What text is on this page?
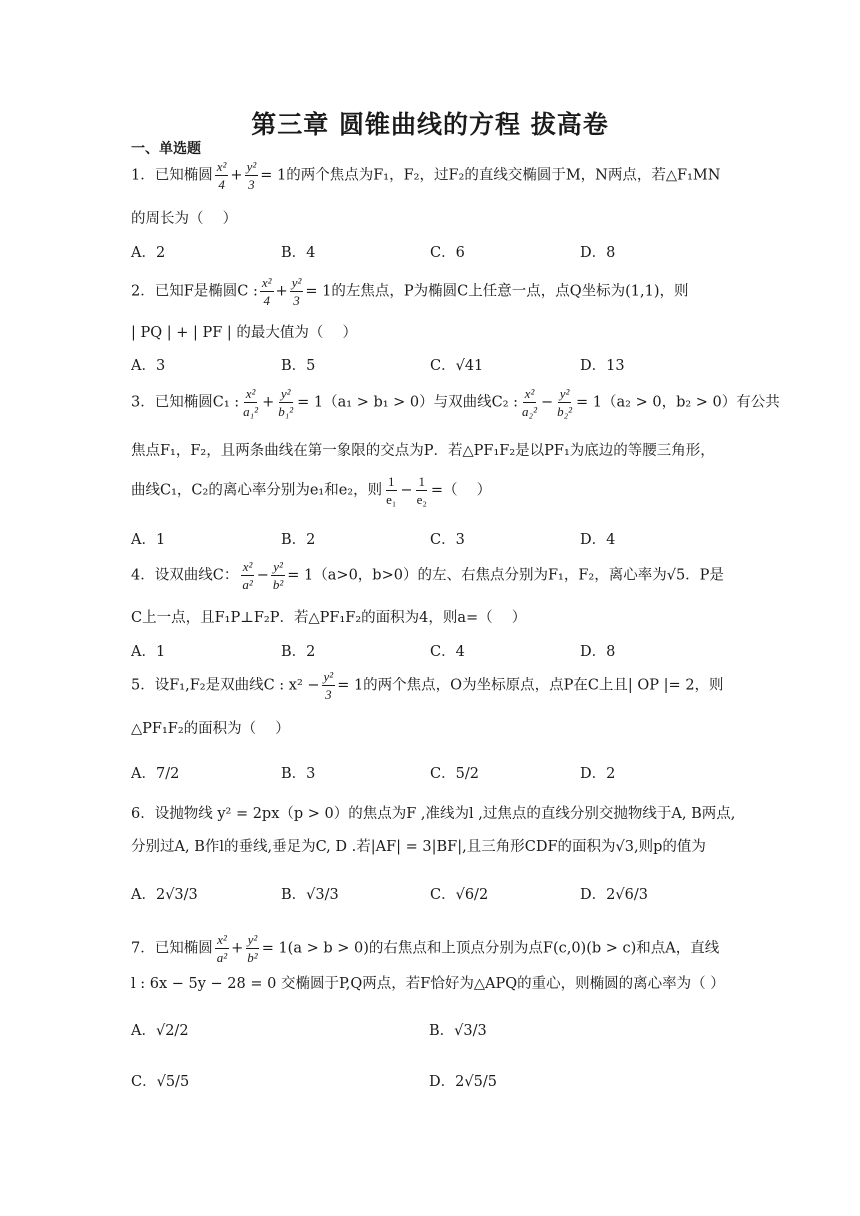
第三章 圆锥曲线的方程 拔高卷
一、单选题
1．已知椭圆 $\frac{\text{x²}}{4} + \frac{\text{y²}}{3} = 1$的两个焦点为F₁，F₂，过F₂的直线交椭圆于M，N两点，若△F₁MN
的周长为（　 ）
A．2	B．4	C．6	D．8
2．已知F是椭圆C : $\frac{\text{x²}}{4} + \frac{\text{y²}}{3} = 1$的左焦点，P为椭圆C上任意一点，点Q坐标为(1,1)，则
| PQ | + | PF | 的最大值为（　 ）
A．3	B．5	C．√41	D．13
3．已知椭圆C₁ : $\frac{\text{x²}}{\text{a₁²}} + \frac{\text{y²}}{\text{b₁²}} = 1(a_1 > b_1 > 0)$与双曲线C₂ : $\frac{\text{x²}}{\text{a₂²}} - \frac{\text{y²}}{\text{b₂²}} = 1(a_2 > 0$，b₂ > 0）有公共
焦点F₁，F₂，且两条曲线在第一象限的交点为P．若△PF₁F₂是以PF₁为底边的等腰三角形，
曲线C₁，C₂的离心率分别为e₁和e₂，则 $\frac{1}{\text{e₁}} - \frac{1}{\text{e₂}}$ =（　 ）
A．1	B．2	C．3	D．4
4．设双曲线C： $\frac{\text{x²}}{\text{a²}} - \frac{\text{y²}}{\text{b²}} = 1(a>0$，b>0）的左、右焦点分别为F₁，F₂，离心率为√5．P是
C上一点，且F₁P⊥F₂P．若△PF₁F₂的面积为4，则a=（　 ）
A．1	B．2	C．4	D．8
5．设F₁,F₂是双曲线C : $x^2 - \frac{\text{y²}}{3} = 1$的两个焦点，O为坐标原点，点P在C上且| OP |= 2，则
△PF₁F₂的面积为（　 ）
A．7/2	B．3	C．5/2	D．2
6．设抛物线 y² = 2px（p > 0）的焦点为F ,准线为l ,过焦点的直线分别交抛物线于A, B两点,
分别过A, B作l的垂线,垂足为C, D .若|AF| = 3|BF|,且三角形CDF的面积为√3,则p的值为
A．2√3/3	B．√3/3	C．√6/2	D．2√6/3
7．已知椭圆 $\frac{\text{x²}}{\text{a²}} + \frac{\text{y²}}{\text{b²}} = 1(a > b > 0)$的右焦点和上顶点分别为点F(c,0)(b > c)和点A，直线
l : 6x − 5y − 28 = 0 交椭圆于P,Q两点，若F恰好为△APQ的重心，则椭圆的离心率为（ ）
A．√2/2	B．√3/3
C．√5/5	D．2√5/5
